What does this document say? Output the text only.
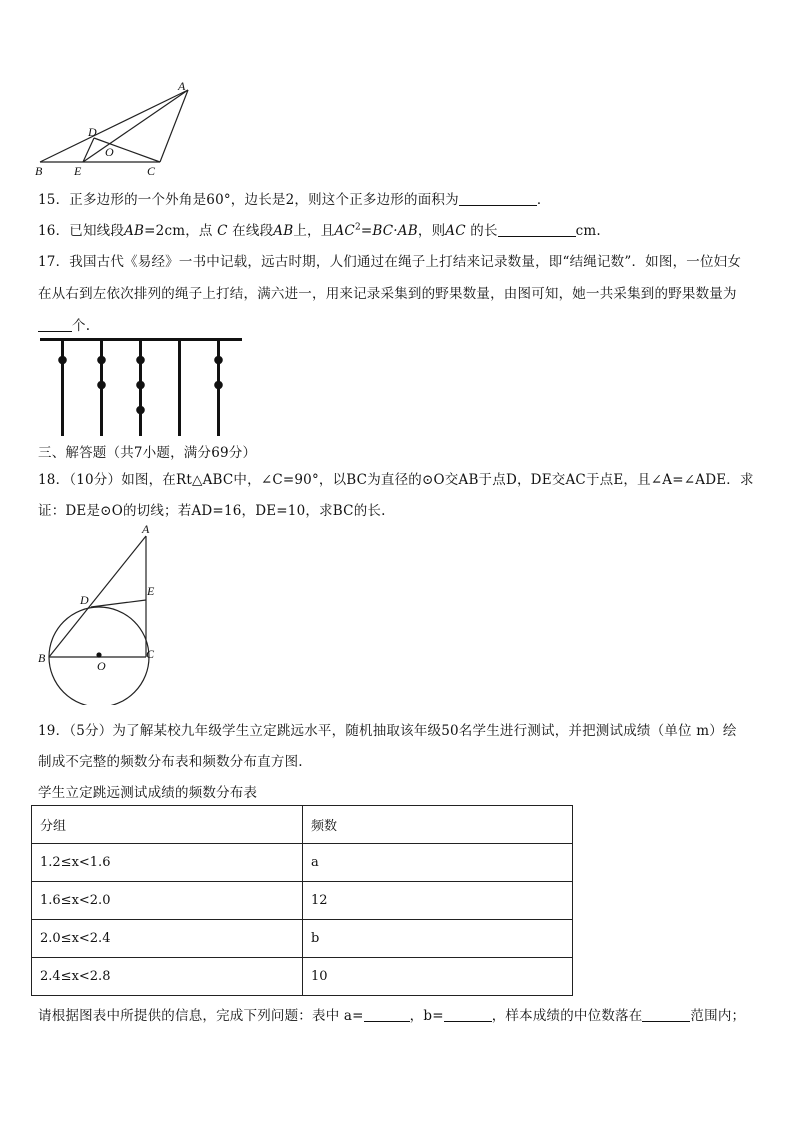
A
B	C
D
E
O
15．正多边形的一个外角是60°，边长是2，则这个正多边形的面积为	．
16．已知线段AB=2cm，点 C 在线段AB上，且$AC^2=BC\cdot AB$，则AC 的长	cm.
17．我国古代《易经》一书中记载，远古时期，人们通过在绳子上打结来记录数量，即“结绳记数”．如图，一位妇女
在从右到左依次排列的绳子上打结，满六进一，用来记录采集到的野果数量，由图可知，她一共采集到的野果数量为
个.
三、解答题（共7小题，满分69分）
18．（10分）如图，在Rt△ABC中，∠C=90°，以BC为直径的⊙O交AB于点D，DE交AC于点E，且∠A=∠ADE．求
证：DE是⊙O的切线；若AD=16，DE=10，求BC的长.
A
B	C
D
E
O
19．（5分）为了解某校九年级学生立定跳远水平，随机抽取该年级50名学生进行测试，并把测试成绩（单位 m）绘
制成不完整的频数分布表和频数分布直方图.
学生立定跳远测试成绩的频数分布表
分组	频数
1.2≤x<1.6	a
1.6≤x<2.0	12
2.0≤x<2.4	b
2.4≤x<2.8	10
请根据图表中所提供的信息，完成下列问题：表中 a=	，b=	，样本成绩的中位数落在	范围内；
